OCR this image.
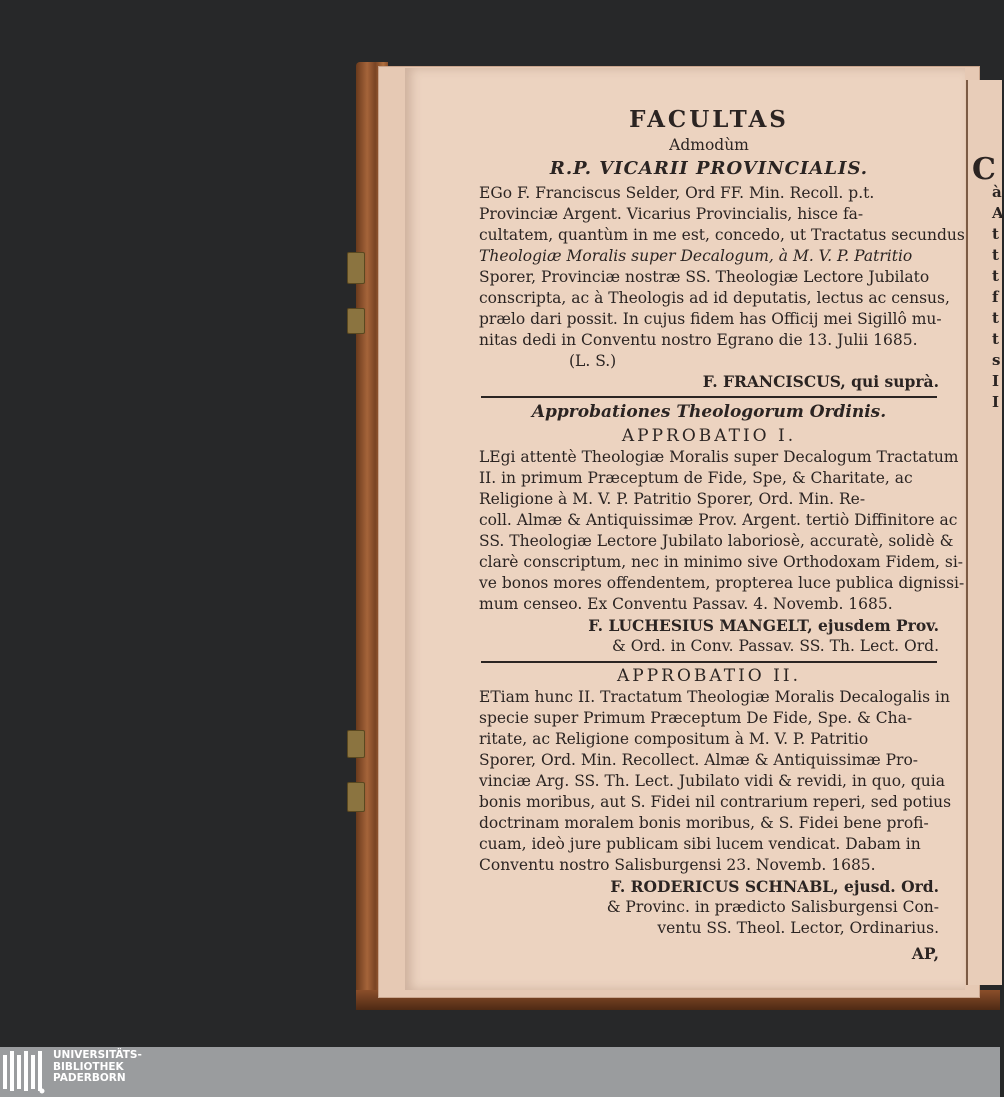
FACULTAS
Admodùm
R.P. VICARII PROVINCIALIS.
EGo F. Franciscus Selder, Ord FF. Min. Recoll. p.t.
Provinciæ Argent. Vicarius Provincialis, hisce fa-
cultatem, quantùm in me est, concedo, ut Tractatus secundus
Theologiæ Moralis super Decalogum, à M. V. P. Patritio
Sporer, Provinciæ nostræ SS. Theologiæ Lectore Jubilato
conscripta, ac à Theologis ad id deputatis, lectus ac census,
prælo dari possit. In cujus fidem has Officij mei Sigillô mu-
nitas dedi in Conventu nostro Egrano die 13. Julii 1685.
(L. S.)
F. FRANCISCUS, qui suprà.
Approbationes Theologorum Ordinis.
APPROBATIO I.
LEgi attentè Theologiæ Moralis super Decalogum Tractatum
II. in primum Præceptum de Fide, Spe, & Charitate, ac
Religione à M. V. P. Patritio Sporer, Ord. Min. Re-
coll. Almæ & Antiquissimæ Prov. Argent. tertiò Diffinitore ac
SS. Theologiæ Lectore Jubilato laboriosè, accuratè, solidè &
clarè conscriptum, nec in minimo sive Orthodoxam Fidem, si-
ve bonos mores offendentem, propterea luce publica dignissi-
mum censeo. Ex Conventu Passav. 4. Novemb. 1685.
F. LUCHESIUS MANGELT, ejusdem Prov.
& Ord. in Conv. Passav. SS. Th. Lect. Ord.
APPROBATIO II.
ETiam hunc II. Tractatum Theologiæ Moralis Decalogalis in
specie super Primum Præceptum De Fide, Spe. & Cha-
ritate, ac Religione compositum à M. V. P. Patritio
Sporer, Ord. Min. Recollect. Almæ & Antiquissimæ Pro-
vinciæ Arg. SS. Th. Lect. Jubilato vidi & revidi, in quo, quia
bonis moribus, aut S. Fidei nil contrarium reperi, sed potius
doctrinam moralem bonis moribus, & S. Fidei bene profi-
cuam, ideò jure publicam sibi lucem vendicat. Dabam in
Conventu nostro Salisburgensi 23. Novemb. 1685.
F. RODERICUS SCHNABL, ejusd. Ord.
& Provinc. in prædicto Salisburgensi Con-
ventu SS. Theol. Lector, Ordinarius.
AP,
C
à
A
t
t
t
f
t
t
s
I
I
UNIVERSITÄTS-
BIBLIOTHEK
PADERBORN
